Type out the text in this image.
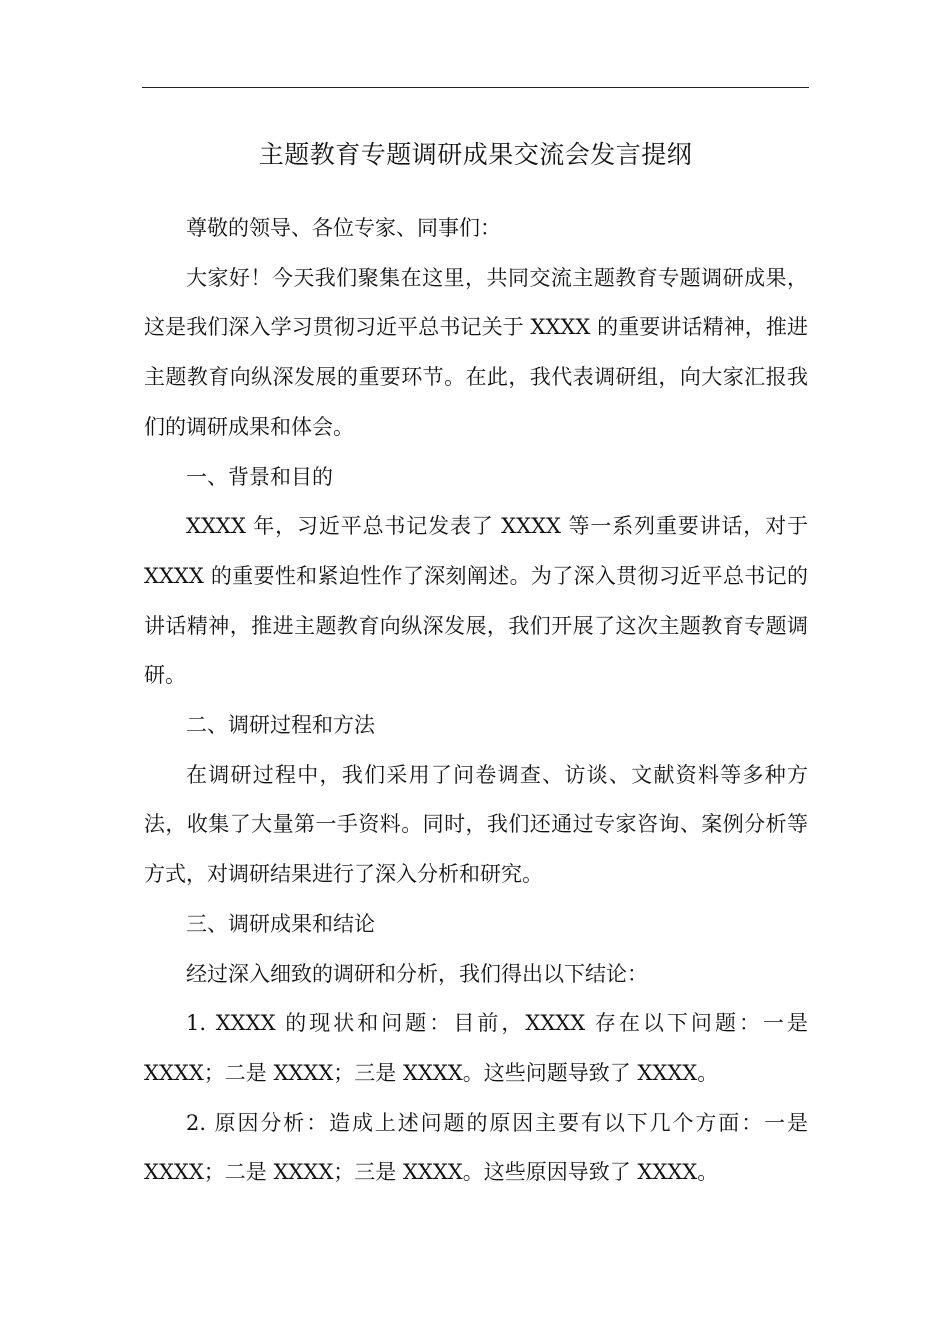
主题教育专题调研成果交流会发言提纲

尊敬的领导、各位专家、同事们：

大家好！今天我们聚集在这里，共同交流主题教育专题调研成果，这是我们深入学习贯彻习近平总书记关于 XXXX 的重要讲话精神，推进主题教育向纵深发展的重要环节。在此，我代表调研组，向大家汇报我们的调研成果和体会。

一、背景和目的

XXXX 年，习近平总书记发表了 XXXX 等一系列重要讲话，对于 XXXX 的重要性和紧迫性作了深刻阐述。为了深入贯彻习近平总书记的讲话精神，推进主题教育向纵深发展，我们开展了这次主题教育专题调研。

二、调研过程和方法

在调研过程中，我们采用了问卷调查、访谈、文献资料等多种方法，收集了大量第一手资料。同时，我们还通过专家咨询、案例分析等方式，对调研结果进行了深入分析和研究。

三、调研成果和结论

经过深入细致的调研和分析，我们得出以下结论：

1. XXXX 的现状和问题：目前，XXXX 存在以下问题：一是 XXXX；二是 XXXX；三是 XXXX。这些问题导致了 XXXX。

2. 原因分析：造成上述问题的原因主要有以下几个方面：一是 XXXX；二是 XXXX；三是 XXXX。这些原因导致了 XXXX。
